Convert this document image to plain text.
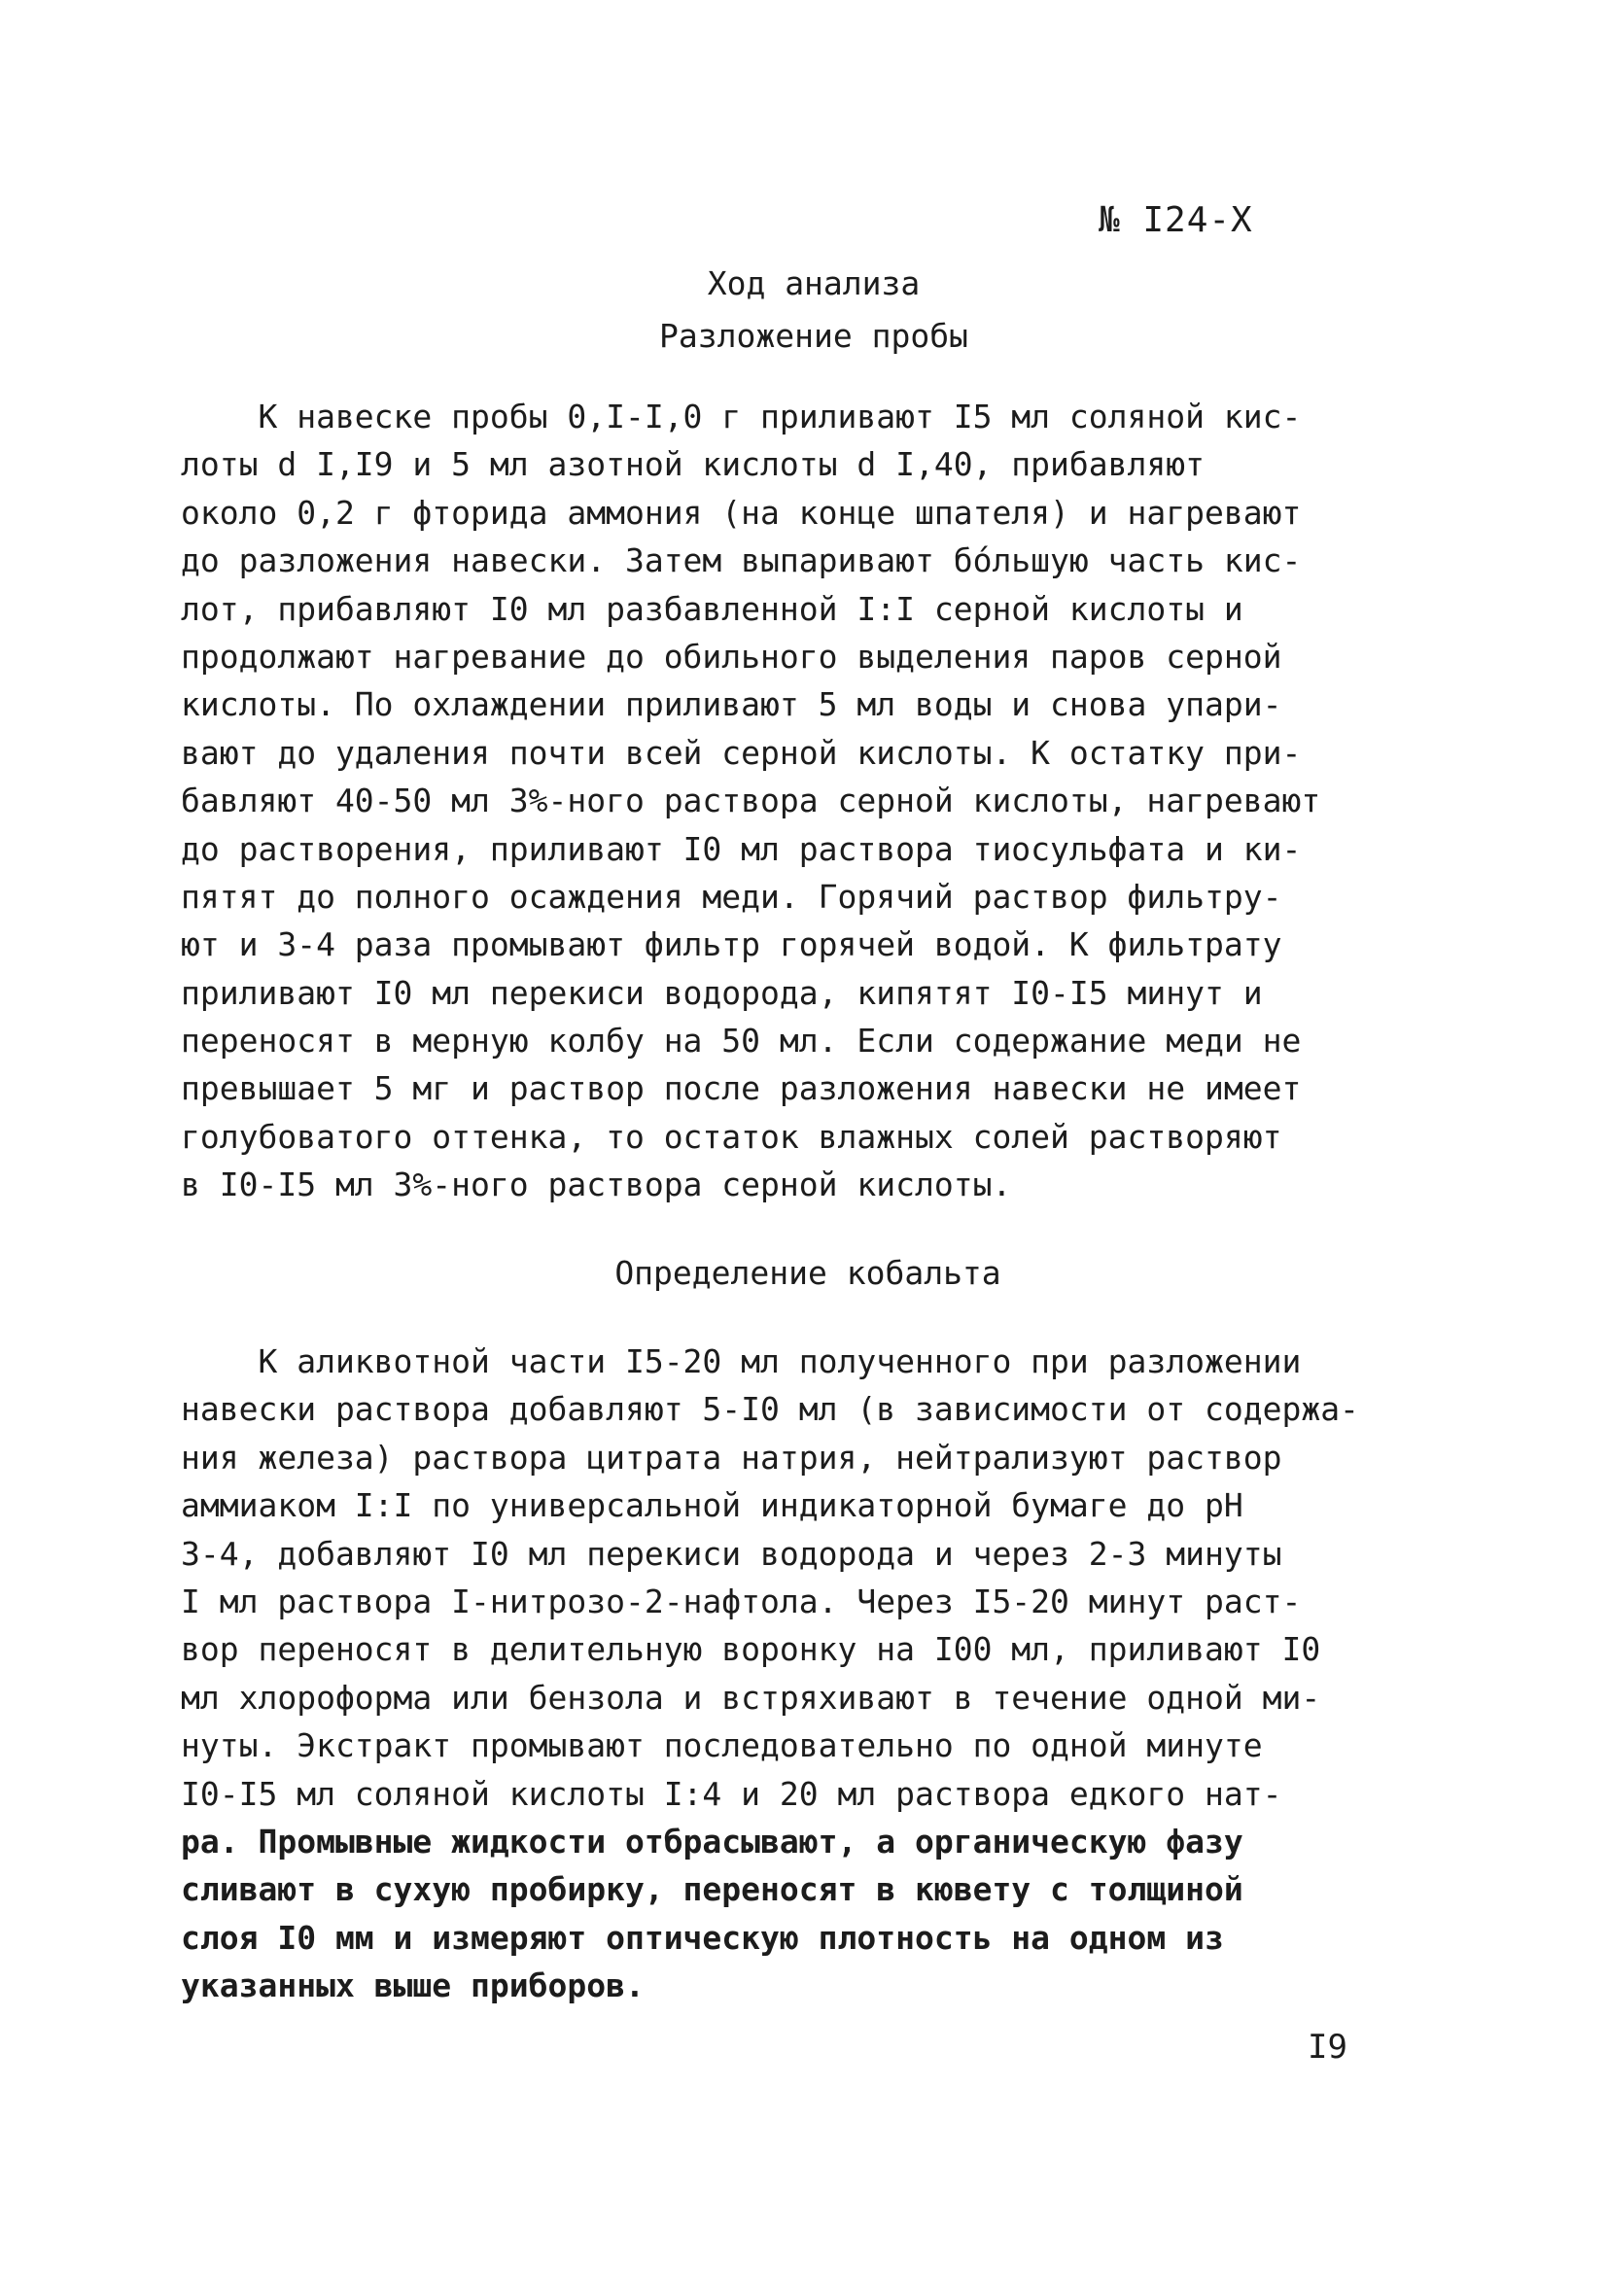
№ I24-X
Ход анализа
Разложение пробы
К навеске пробы 0,I-I,0 г приливают I5 мл соляной кис-
лоты d I,I9 и 5 мл азотной кислоты d I,40, прибавляют
около 0,2 г фторида аммония (на конце шпателя) и нагревают
до разложения навески. Затем выпаривают бо́льшую часть кис-
лот, прибавляют I0 мл разбавленной I:I серной кислоты и
продолжают нагревание до обильного выделения паров серной
кислоты. По охлаждении приливают 5 мл воды и снова упари-
вают до удаления почти всей серной кислоты. К остатку при-
бавляют 40-50 мл 3%-ного раствора серной кислоты, нагревают
до растворения, приливают I0 мл раствора тиосульфата и ки-
пятят до полного осаждения меди. Горячий раствор фильтру-
ют и 3-4 раза промывают фильтр горячей водой. К фильтрату
приливают I0 мл перекиси водорода, кипятят I0-I5 минут и
переносят в мерную колбу на 50 мл. Если содержание меди не
превышает 5 мг и раствор после разложения навески не имеет
голубоватого оттенка, то остаток влажных солей растворяют
в I0-I5 мл 3%-ного раствора серной кислоты.
Определение кобальта
К аликвотной части I5-20 мл полученного при разложении
навески раствора добавляют 5-I0 мл (в зависимости от содержа-
ния железа) раствора цитрата натрия, нейтрализуют раствор
аммиаком I:I по универсальной индикаторной бумаге до рН
3-4, добавляют I0 мл перекиси водорода и через 2-3 минуты
I мл раствора I-нитрозо-2-нафтола. Через I5-20 минут раст-
вор переносят в делительную воронку на I00 мл, приливают I0
мл хлороформа или бензола и встряхивают в течение одной ми-
нуты. Экстракт промывают последовательно по одной минуте
I0-I5 мл соляной кислоты I:4 и 20 мл раствора едкого нат-
ра. Промывные жидкости отбрасывают, а органическую фазу
сливают в сухую пробирку, переносят в кювету с толщиной
слоя I0 мм и измеряют оптическую плотность на одном из
указанных выше приборов.
I9
